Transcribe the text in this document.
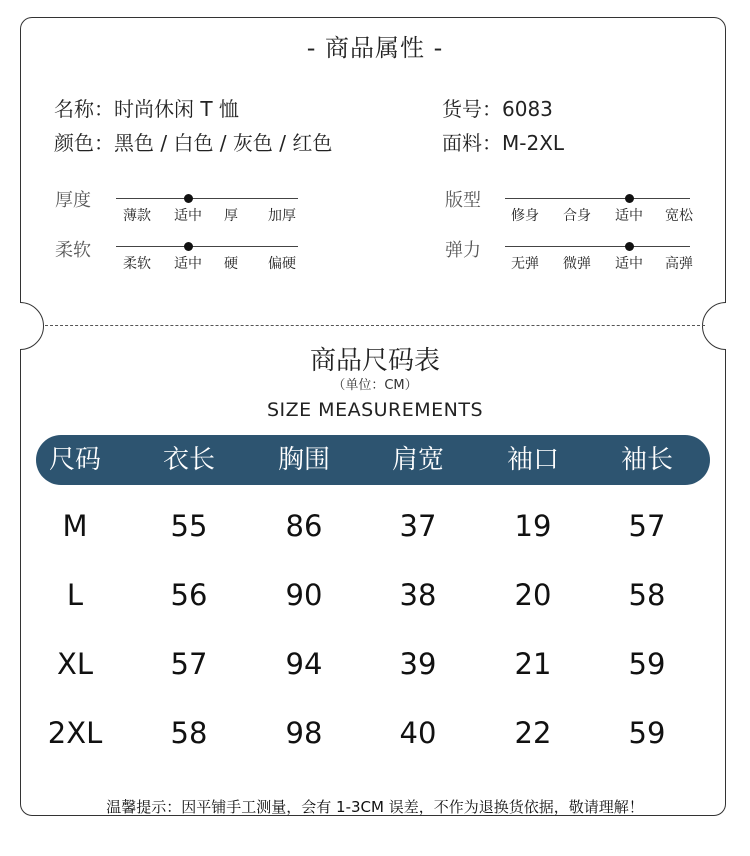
- 商品属性 -
名称：时尚休闲 T 恤	货号：6083
颜色：黑色 / 白色 / 灰色 / 红色	面料：M-2XL
厚度
薄款 适中 厚 加厚
柔软
柔软 适中 硬 偏硬
版型
修身 合身 适中 宽松
弹力
无弹 微弹 适中 高弹
商品尺码表
（单位：CM）
SIZE MEASUREMENTS
尺码 衣长 胸围 肩宽 袖口 袖长
M	55	86	37	19	57
L	56	90	38	20	58
XL	57	94	39	21	59
2XL 58	98	40	22	59
温馨提示：因平铺手工测量，会有 1-3CM 误差，不作为退换货依据，敬请理解！
